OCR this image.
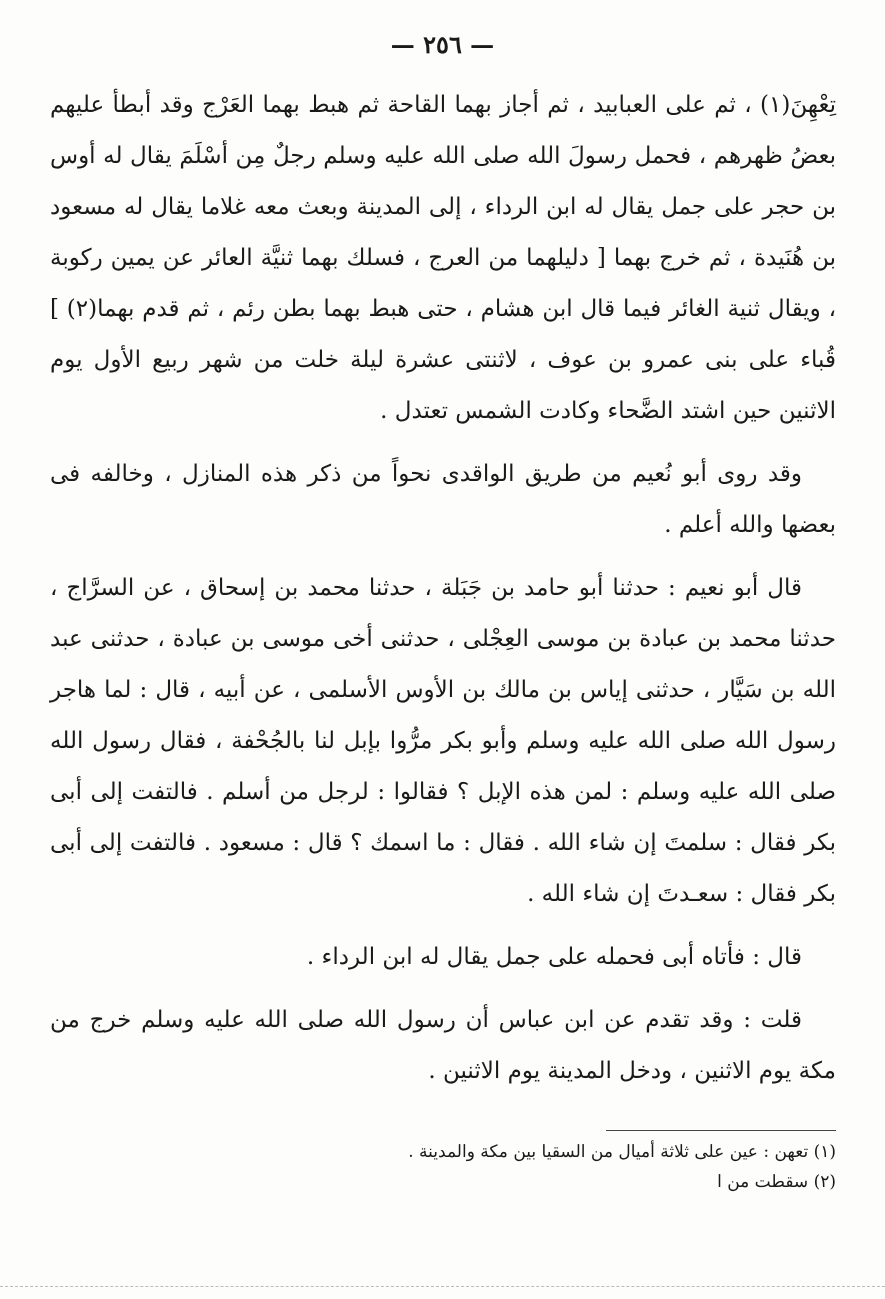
— ٢٥٦ —

تِعْهِنَ(١) ، ثم على العبابيد ، ثم أجاز بهما القاحة ثم هبط بهما العَرْج وقد أبطأ عليهم بعضُ ظهرهم ، فحمل رسولَ الله صلى الله عليه وسلم رجلٌ مِن أسْلَمَ يقال له أوس بن حجر على جمل يقال له ابن الرداء ، إلى المدينة وبعث معه غلاما يقال له مسعود بن هُنَيدة ، ثم خرج بهما [ دليلهما من العرج ، فسلك بهما ثنيَّة العائر عن يمين ركوبة ، ويقال ثنية الغائر فيما قال ابن هشام ، حتى هبط بهما بطن رئم ، ثم قدم بهما(٢) ] قُباء على بنى عمرو بن عوف ، لاثنتى عشرة ليلة خلت من شهر ربيع الأول يوم الاثنين حين اشتد الضَّحاء وكادت الشمس تعتدل .

وقد روى أبو نُعيم من طريق الواقدى نحواً من ذكر هذه المنازل ، وخالفه فى بعضها والله أعلم .

قال أبو نعيم : حدثنا أبو حامد بن جَبَلة ، حدثنا محمد بن إسحاق ، عن السرَّاج ، حدثنا محمد بن عبادة بن موسى العِجْلى ، حدثنى أخى موسى بن عبادة ، حدثنى عبد الله بن سَيَّار ، حدثنى إياس بن مالك بن الأوس الأسلمى ، عن أبيه ، قال : لما هاجر رسول الله صلى الله عليه وسلم وأبو بكر مرُّوا بإبل لنا بالجُحْفة ، فقال رسول الله صلى الله عليه وسلم : لمن هذه الإبل ؟ فقالوا : لرجل من أسلم . فالتفت إلى أبى بكر فقال : سلمتَ إن شاء الله . فقال : ما اسمك ؟ قال : مسعود . فالتفت إلى أبى بكر فقال : سعـدتَ إن شاء الله .

قال : فأتاه أبى فحمله على جمل يقال له ابن الرداء .

قلت : وقد تقدم عن ابن عباس أن رسول الله صلى الله عليه وسلم خرج من مكة يوم الاثنين ، ودخل المدينة يوم الاثنين .

(١) تعهن : عين على ثلاثة أميال من السقيا بين مكة والمدينة .

(٢) سقطت من ا
